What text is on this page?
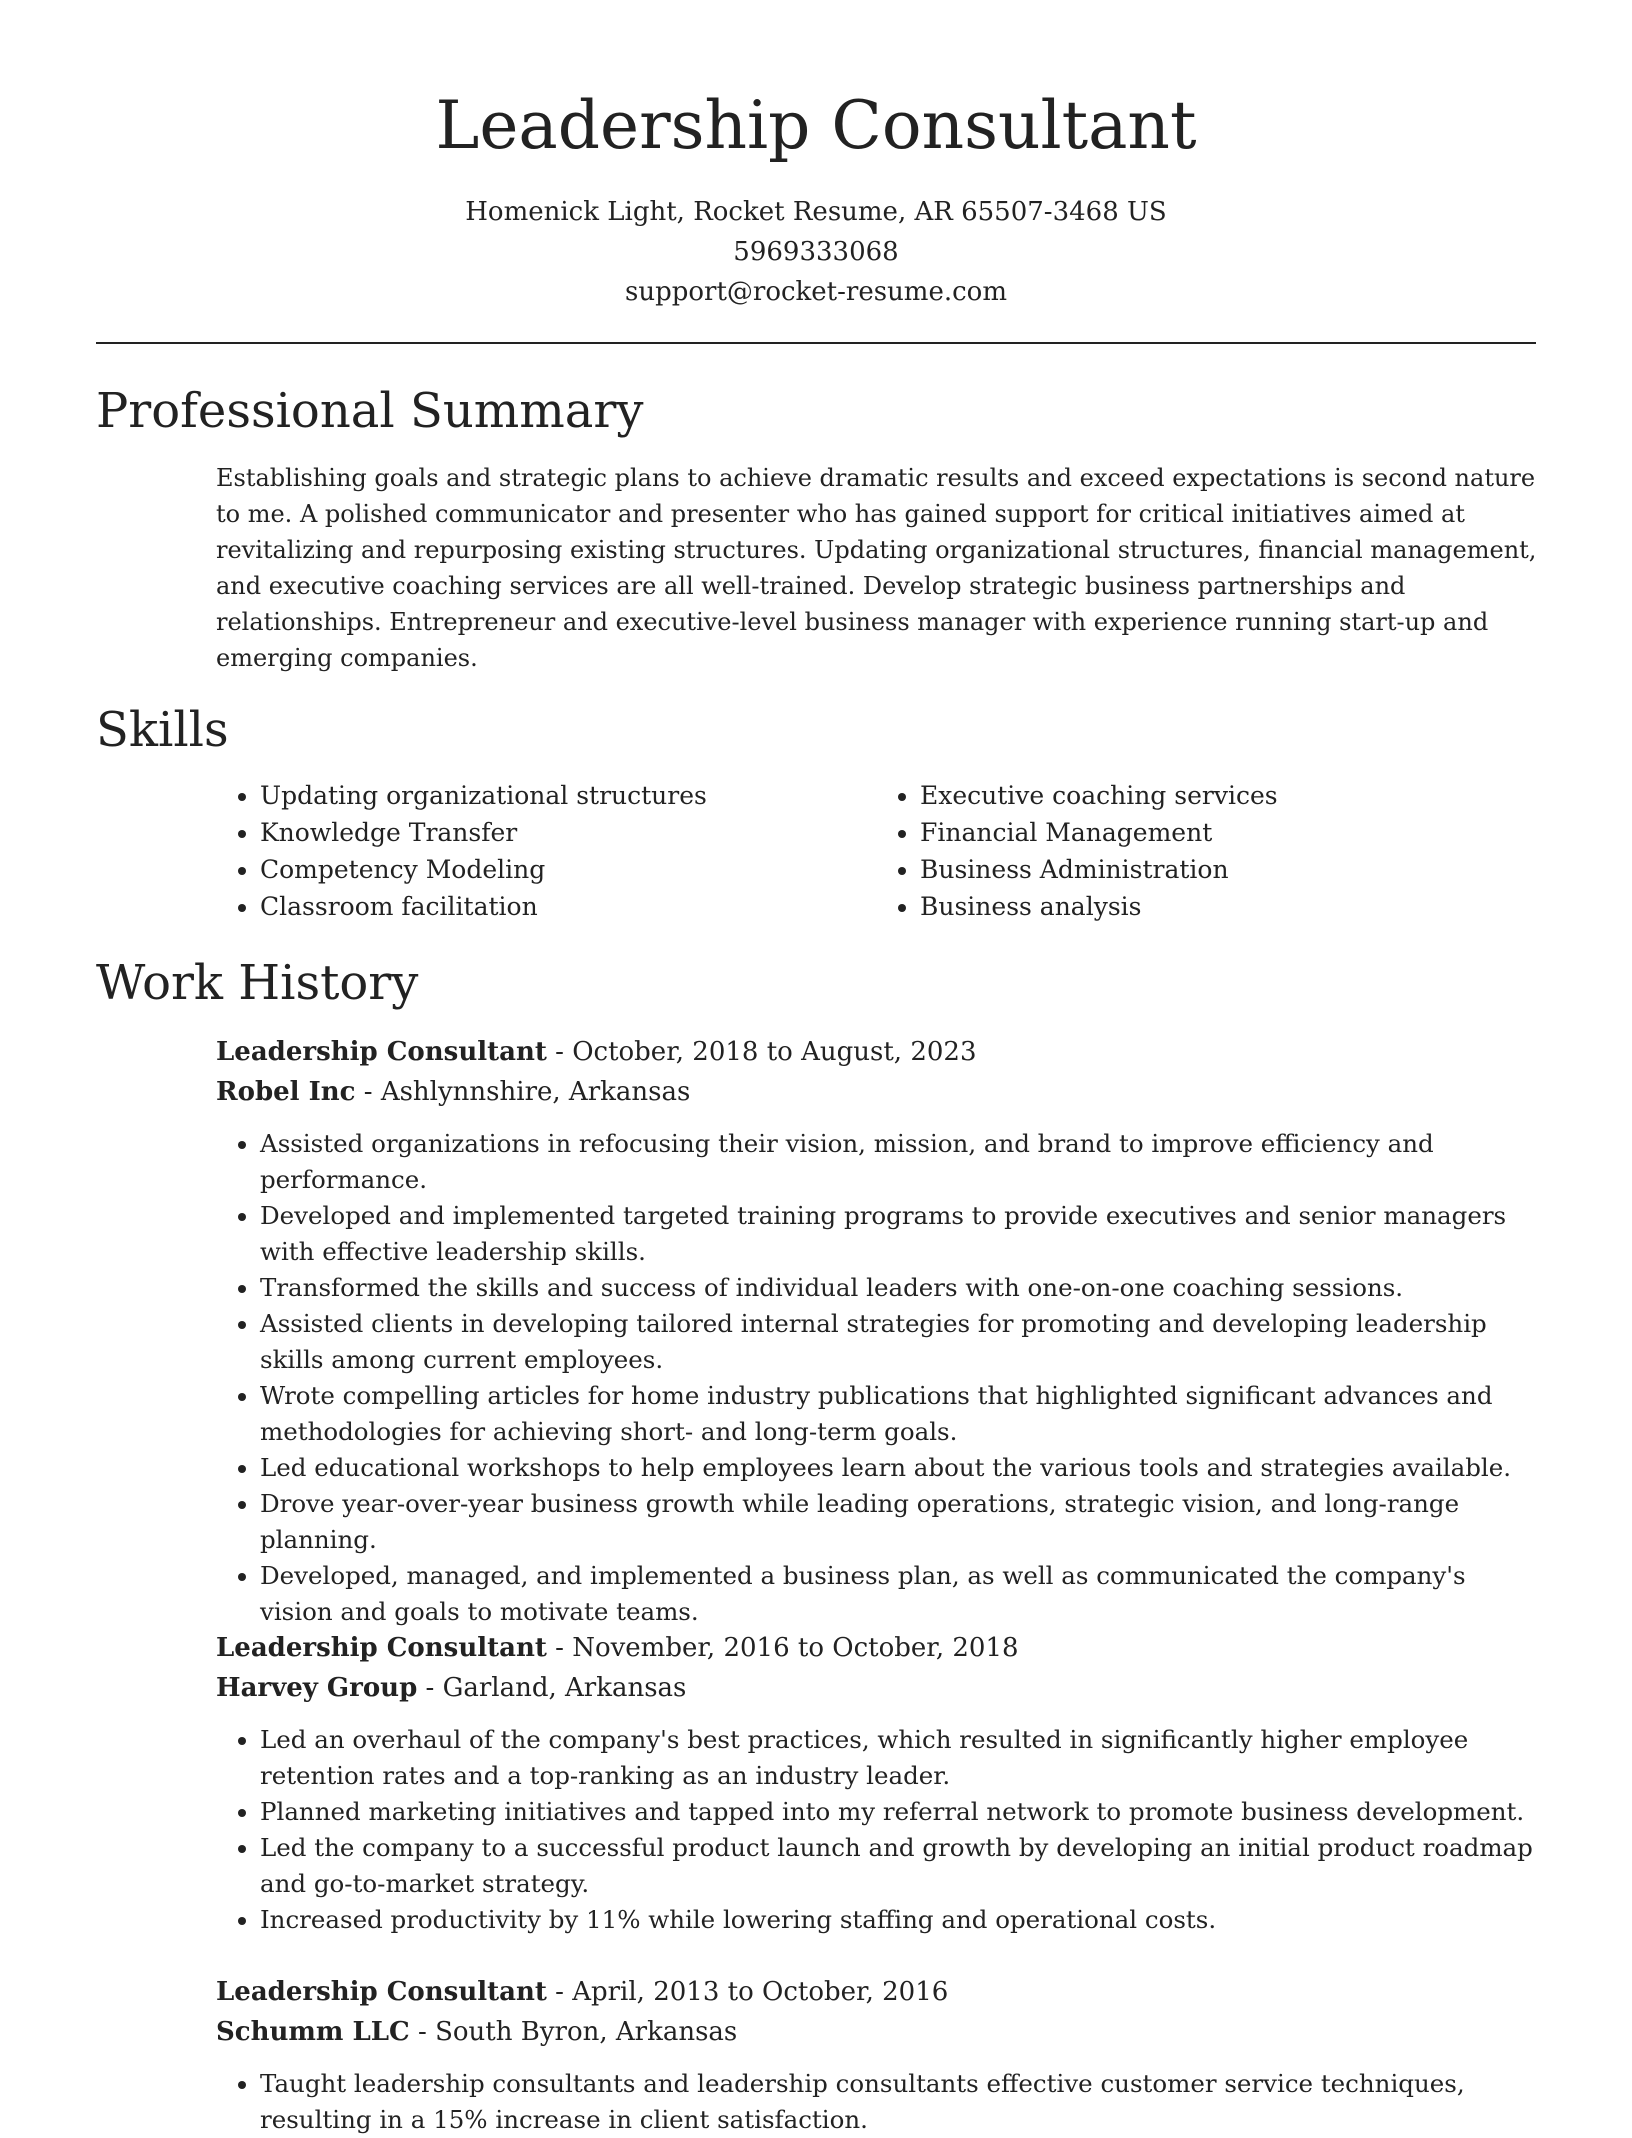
Leadership Consultant
Homenick Light, Rocket Resume, AR 65507-3468 US
5969333068
support@rocket-resume.com
Professional Summary

Establishing goals and strategic plans to achieve dramatic results and exceed expectations is second nature to me. A polished communicator and presenter who has gained support for critical initiatives aimed at revitalizing and repurposing existing structures. Updating organizational structures, financial management, and executive coaching services are all well-trained. Develop strategic business partnerships and relationships. Entrepreneur and executive-level business manager with experience running start-up and emerging companies.

Skills
• Updating organizational structures
• Knowledge Transfer
• Competency Modeling
• Classroom facilitation
• Executive coaching services
• Financial Management
• Business Administration
• Business analysis
Work History
Leadership Consultant - October, 2018 to August, 2023
Robel Inc - Ashlynnshire, Arkansas
• Assisted organizations in refocusing their vision, mission, and brand to improve efficiency and performance.
• Developed and implemented targeted training programs to provide executives and senior managers with effective leadership skills.
• Transformed the skills and success of individual leaders with one-on-one coaching sessions.
• Assisted clients in developing tailored internal strategies for promoting and developing leadership skills among current employees.
• Wrote compelling articles for home industry publications that highlighted significant advances and methodologies for achieving short- and long-term goals.
• Led educational workshops to help employees learn about the various tools and strategies available.
• Drove year-over-year business growth while leading operations, strategic vision, and long-range planning.
• Developed, managed, and implemented a business plan, as well as communicated the company's vision and goals to motivate teams.
Leadership Consultant - November, 2016 to October, 2018
Harvey Group - Garland, Arkansas
• Led an overhaul of the company's best practices, which resulted in significantly higher employee retention rates and a top-ranking as an industry leader.
• Planned marketing initiatives and tapped into my referral network to promote business development.
• Led the company to a successful product launch and growth by developing an initial product roadmap and go-to-market strategy.
• Increased productivity by 11% while lowering staffing and operational costs.
Leadership Consultant - April, 2013 to October, 2016
Schumm LLC - South Byron, Arkansas
• Taught leadership consultants and leadership consultants effective customer service techniques, resulting in a 15% increase in client satisfaction.
